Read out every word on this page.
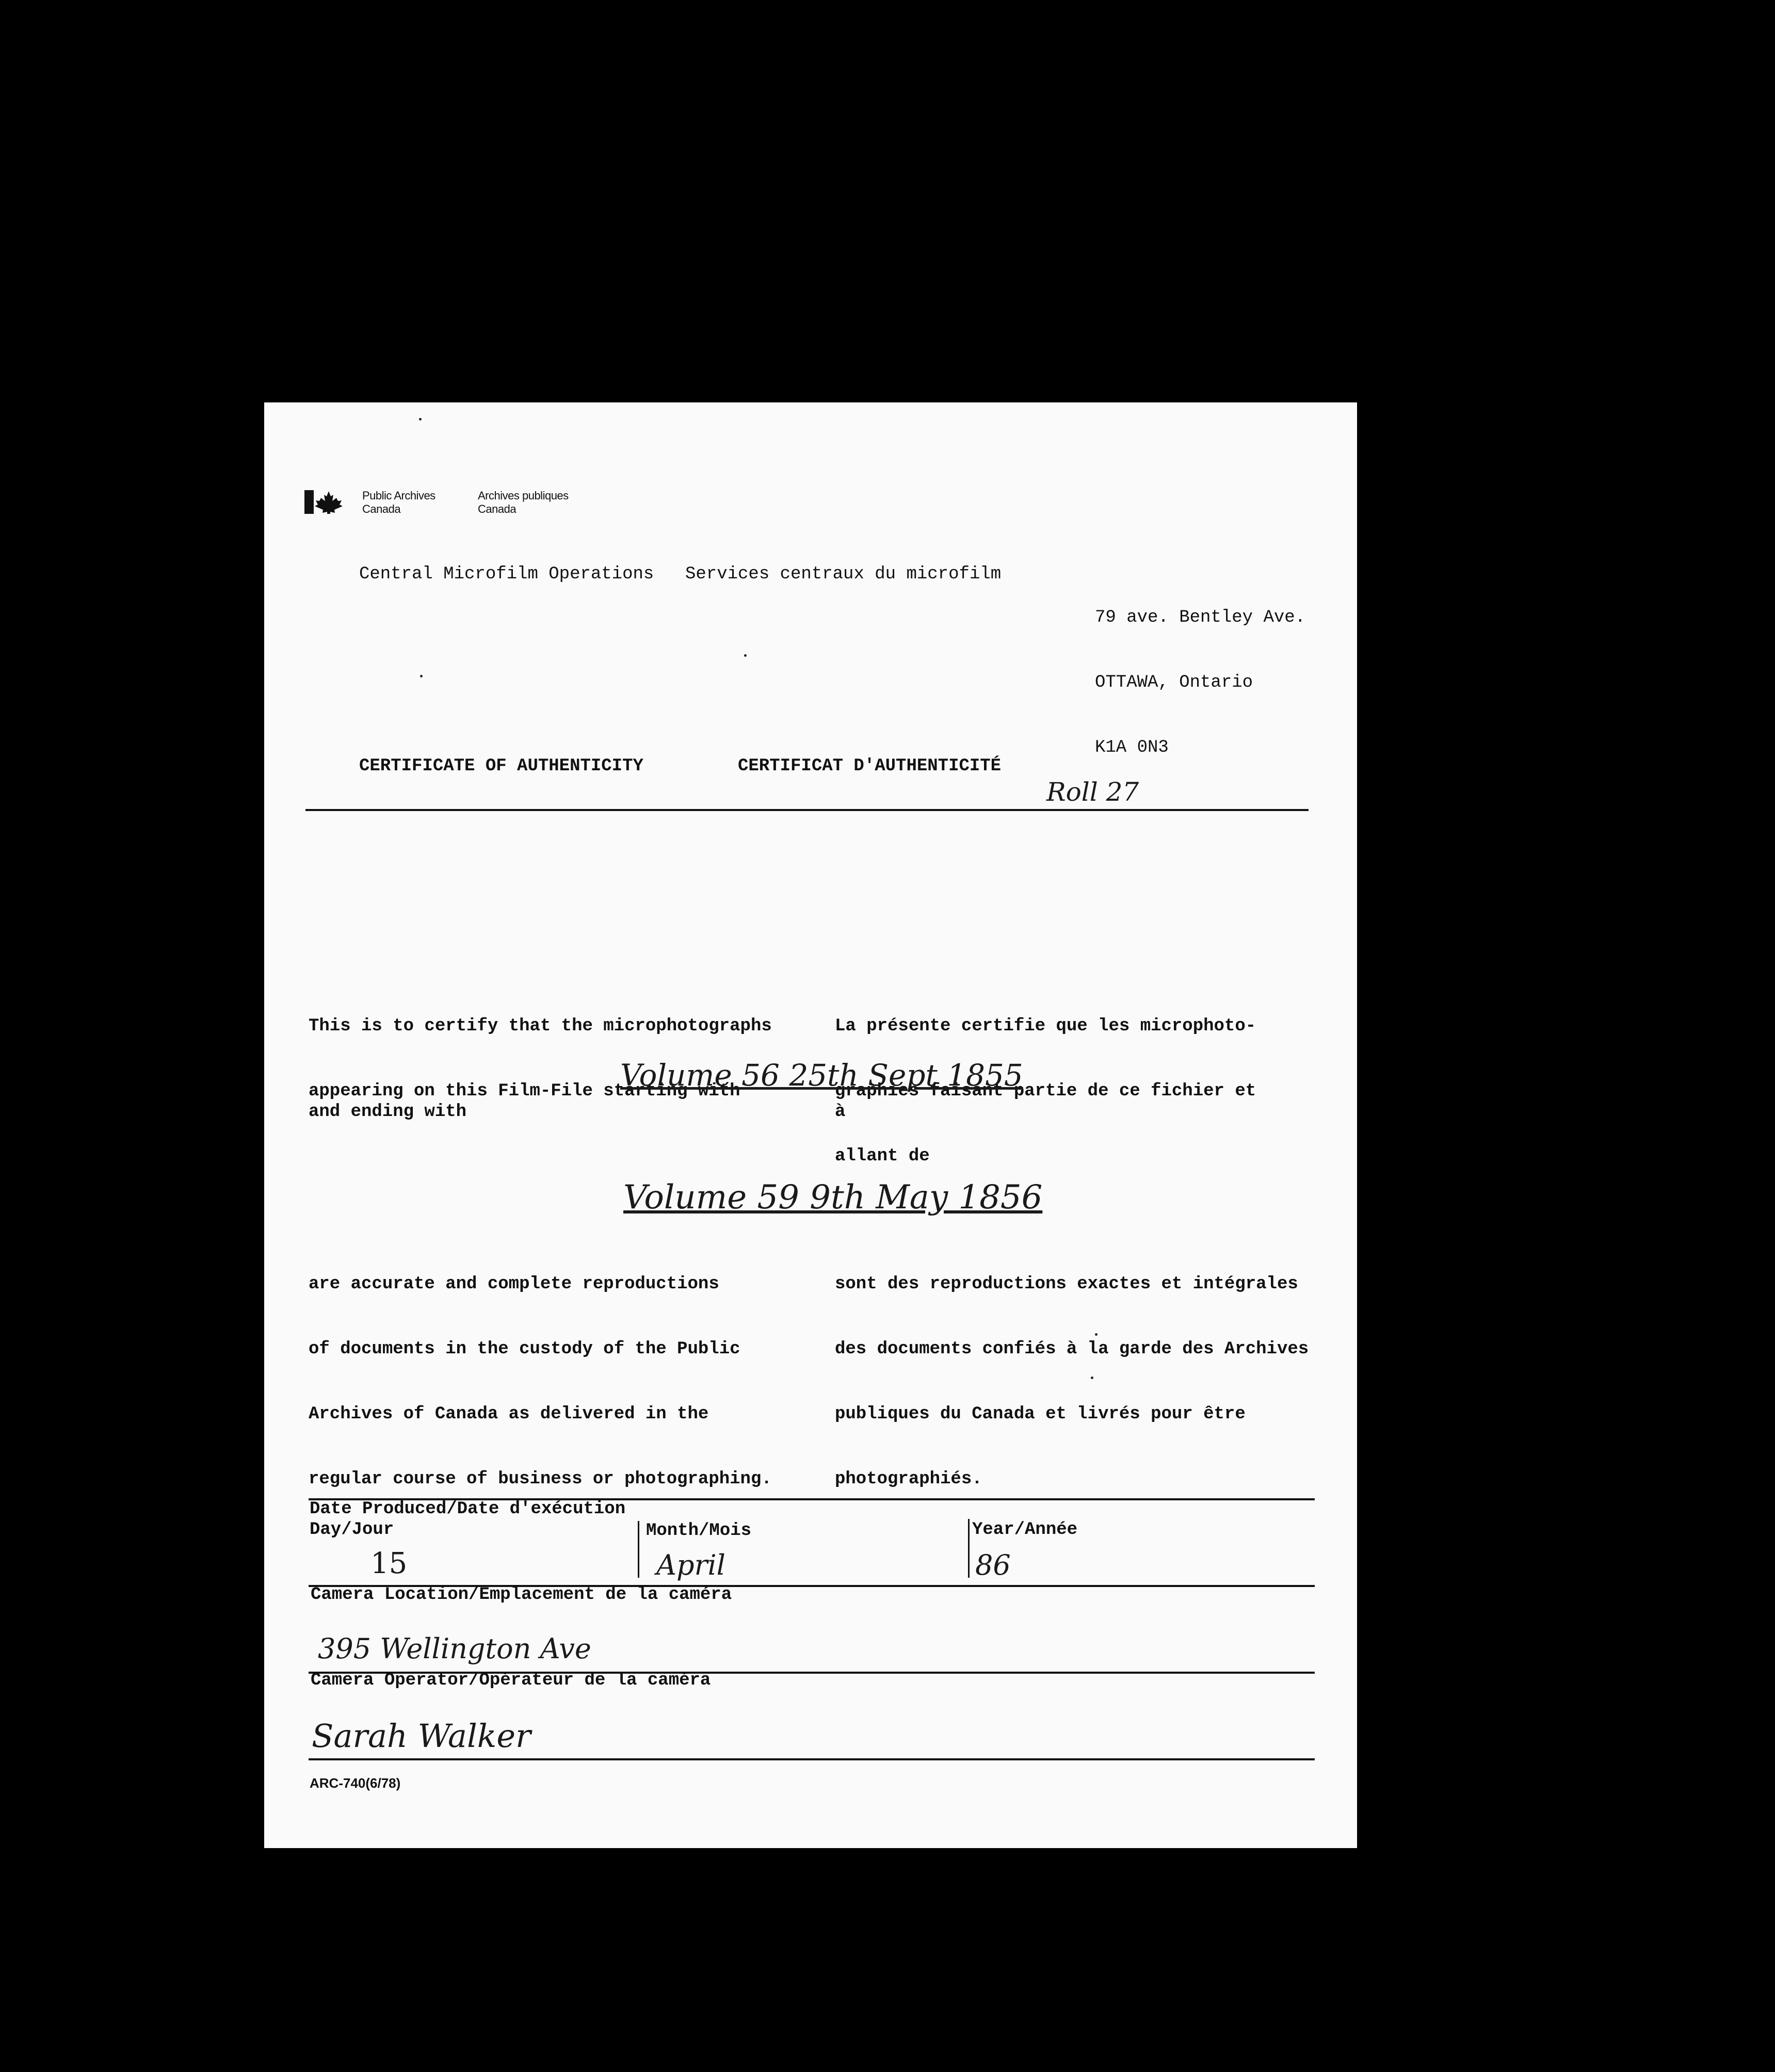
Public Archives
Canada
Archives publiques
Canada
Central Microfilm Operations Services centraux du microfilm

79 ave. Bentley Ave.

OTTAWA, Ontario

K1A 0N3

CERTIFICATE OF AUTHENTICITY	CERTIFICAT D'AUTHENTICITÉ
Roll 27

This is to certify that the microphotographs

appearing on this Film-File starting with

La présente certifie que les microphoto-

graphies faisant partie de ce fichier et

allant de

Volume 56 25th Sept 1855
and ending with	à
Volume 59 9th May 1856

are accurate and complete reproductions

of documents in the custody of the Public

Archives of Canada as delivered in the

regular course of business or photographing.

sont des reproductions exactes et intégrales

des documents confiés à la garde des Archives

publiques du Canada et livrés pour être

photographiés.

Date Produced/Date d'exécution
Day/Jour	Month/Mois	Year/Année
15	April	86
Camera Location/Emplacement de la caméra
395 Wellington Ave
Camera Operator/Opérateur de la caméra
Sarah Walker
ARC-740(6/78)
